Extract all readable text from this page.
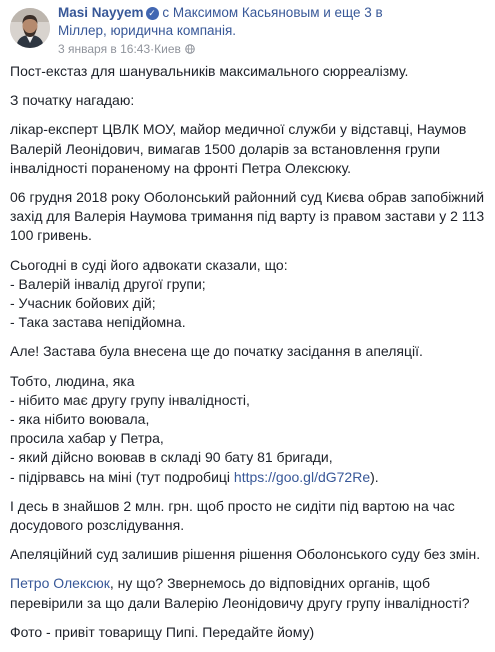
Masi Nayyem ✓ с Максимом Касьяновым и еще 3 в
Міллер, юридична компанія.
3 января в 16:43 · Киев

Пост-екстаз для шанувальників максимального сюрреалізму.

З початку нагадаю:

лікар-експерт ЦВЛК МОУ, майор медичної служби у відставці, Наумов Валерій Леонідович, вимагав 1500 доларів за встановлення групи інвалідності пораненому на фронті Петра Олексюку.

06 грудня 2018 року Оболонський районний суд Києва обрав запобіжний захід для Валерія Наумова тримання під варту із правом застави у 2 113 100 гривень.

Сьогодні в суді його адвокати сказали, що:
- Валерій інвалід другої групи;
- Учасник бойових дій;
- Така застава непідйомна.

Але! Застава була внесена ще до початку засідання в апеляції.

Тобто, людина, яка
- нібито має другу групу інвалідності,
- яка нібито воювала,
просила хабар у Петра,
- який дійсно воював в складі 90 бату 81 бригади,
- підірвавсь на міні (тут подробиці https://goo.gl/dG72Re).

І десь в знайшов 2 млн. грн. щоб просто не сидіти під вартою на час досудового розслідування.

Апеляційний суд залишив рішення рішення Оболонського суду без змін.

Петро Олексюк, ну що? Звернемось до відповідних органів, щоб перевірили за що дали Валерію Леонідовичу другу групу інвалідності?

Фото - привіт товарищу Пипі. Передайте йому)
